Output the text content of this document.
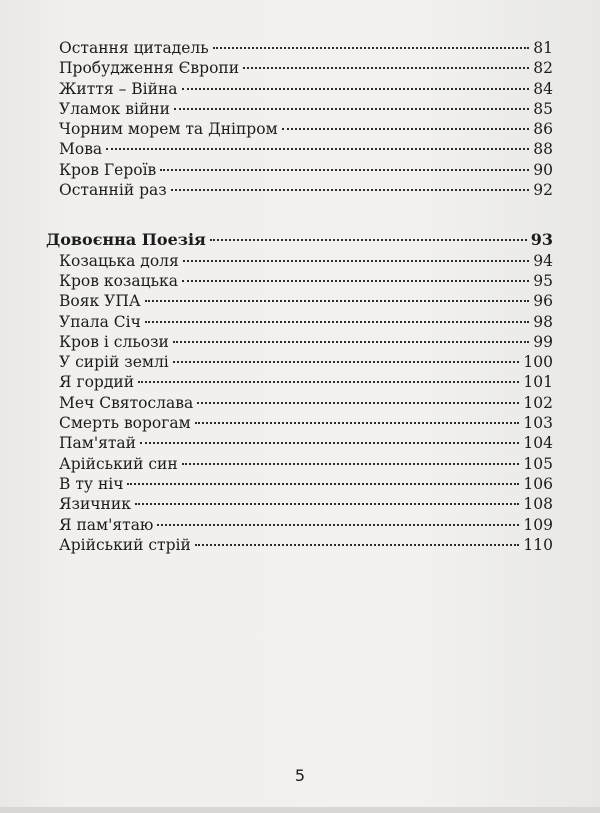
Остання цитадель	81
Пробудження Європи	82
Життя – Війна	84
Уламок війни	85
Чорним морем та Дніпром	86
Мова	88
Кров Героїв	90
Останній раз	92
Довоєнна Поезія	93
Козацька доля	94
Кров козацька	95
Вояк УПА	96
Упала Січ	98
Кров і сльози	99
У сирій землі	100
Я гордий	101
Меч Святослава	102
Смерть ворогам	103
Пам'ятай	104
Арійський син	105
В ту ніч	106
Язичник	108
Я пам'ятаю	109
Арійський стрій	110
5
